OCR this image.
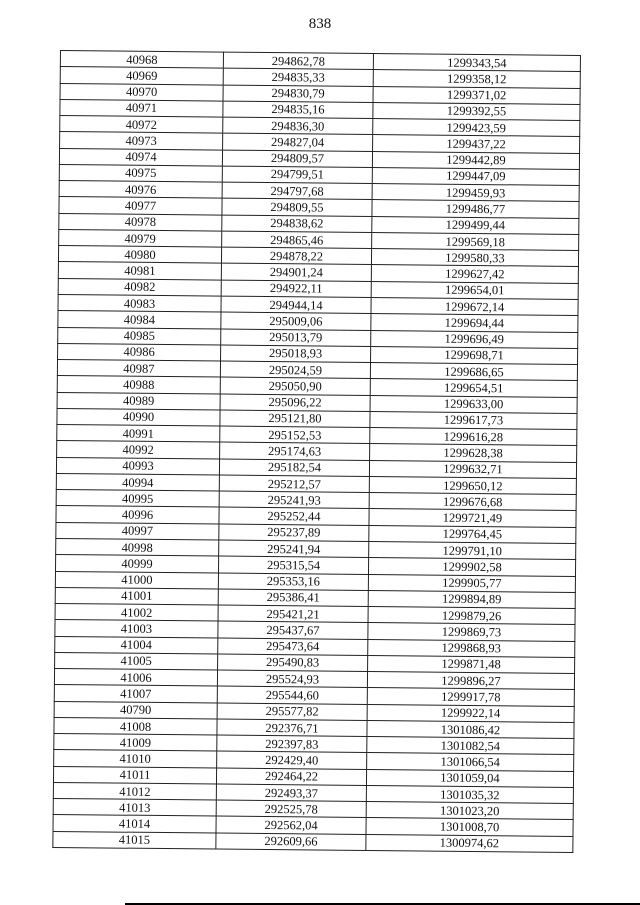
838
40968	294862,78	1299343,54
40969	294835,33	1299358,12
40970	294830,79	1299371,02
40971	294835,16	1299392,55
40972	294836,30	1299423,59
40973	294827,04	1299437,22
40974	294809,57	1299442,89
40975	294799,51	1299447,09
40976	294797,68	1299459,93
40977	294809,55	1299486,77
40978	294838,62	1299499,44
40979	294865,46	1299569,18
40980	294878,22	1299580,33
40981	294901,24	1299627,42
40982	294922,11	1299654,01
40983	294944,14	1299672,14
40984	295009,06	1299694,44
40985	295013,79	1299696,49
40986	295018,93	1299698,71
40987	295024,59	1299686,65
40988	295050,90	1299654,51
40989	295096,22	1299633,00
40990	295121,80	1299617,73
40991	295152,53	1299616,28
40992	295174,63	1299628,38
40993	295182,54	1299632,71
40994	295212,57	1299650,12
40995	295241,93	1299676,68
40996	295252,44	1299721,49
40997	295237,89	1299764,45
40998	295241,94	1299791,10
40999	295315,54	1299902,58
41000	295353,16	1299905,77
41001	295386,41	1299894,89
41002	295421,21	1299879,26
41003	295437,67	1299869,73
41004	295473,64	1299868,93
41005	295490,83	1299871,48
41006	295524,93	1299896,27
41007	295544,60	1299917,78
40790	295577,82	1299922,14
41008	292376,71	1301086,42
41009	292397,83	1301082,54
41010	292429,40	1301066,54
41011	292464,22	1301059,04
41012	292493,37	1301035,32
41013	292525,78	1301023,20
41014	292562,04	1301008,70
41015	292609,66	1300974,62
